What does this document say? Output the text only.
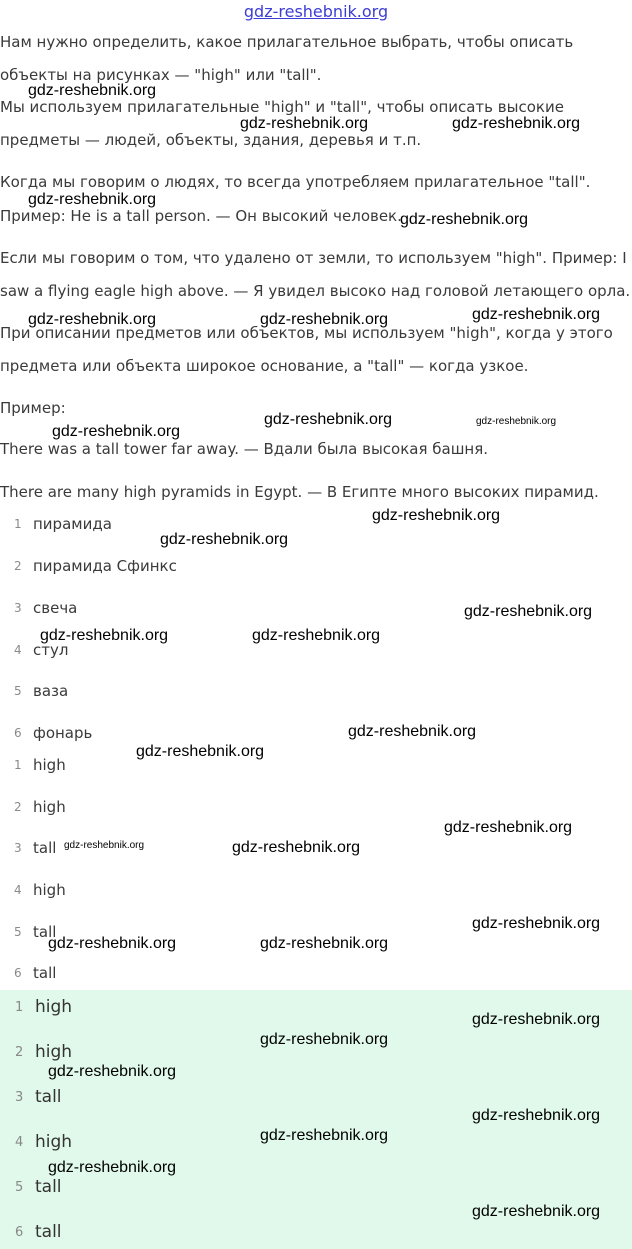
gdz-reshebnik.org

Нам нужно определить, какое прилагательное выбрать, чтобы описать

объекты на рисунках — "high" или "tall".

Мы используем прилагательные "high" и "tall", чтобы описать высокие

предметы — людей, объекты, здания, деревья и т.п.

Когда мы говорим о людях, то всегда употребляем прилагательное "tall".

Пример: He is a tall person. — Он высокий человек.

Если мы говорим о том, что удалено от земли, то используем "high". Пример: I

saw a flying eagle high above. — Я увидел высоко над головой летающего орла.

При описании предметов или объектов, мы используем "high", когда у этого

предмета или объекта широкое основание, а "tall" — когда узкое.

Пример:

There was a tall tower far away. — Вдали была высокая башня.

There are many high pyramids in Egypt. — В Египте много высоких пирамид.

1 пирамида
2 пирамида Сфинкс
3 свеча
4 стул
5 ваза
6 фонарь
1 high
2 high
3 tall
4 high
5 tall
6 tall
1 high
2 high
3 tall
4 high
5 tall
6 tall
gdz-reshebnik.org
gdz-reshebnik.org	gdz-reshebnik.org
gdz-reshebnik.org
gdz-reshebnik.org
gdz-reshebnik.org	gdz-reshebnik.org	gdz-reshebnik.org
gdz-reshebnik.org	gdz-reshebnik.org
gdz-reshebnik.org
gdz-reshebnik.org
gdz-reshebnik.org
gdz-reshebnik.org
gdz-reshebnik.org	gdz-reshebnik.org
gdz-reshebnik.org
gdz-reshebnik.org
gdz-reshebnik.org
gdz-reshebnik.org	gdz-reshebnik.org
gdz-reshebnik.org
gdz-reshebnik.org	gdz-reshebnik.org
gdz-reshebnik.org
gdz-reshebnik.org
gdz-reshebnik.org
gdz-reshebnik.org
gdz-reshebnik.org
gdz-reshebnik.org
gdz-reshebnik.org
